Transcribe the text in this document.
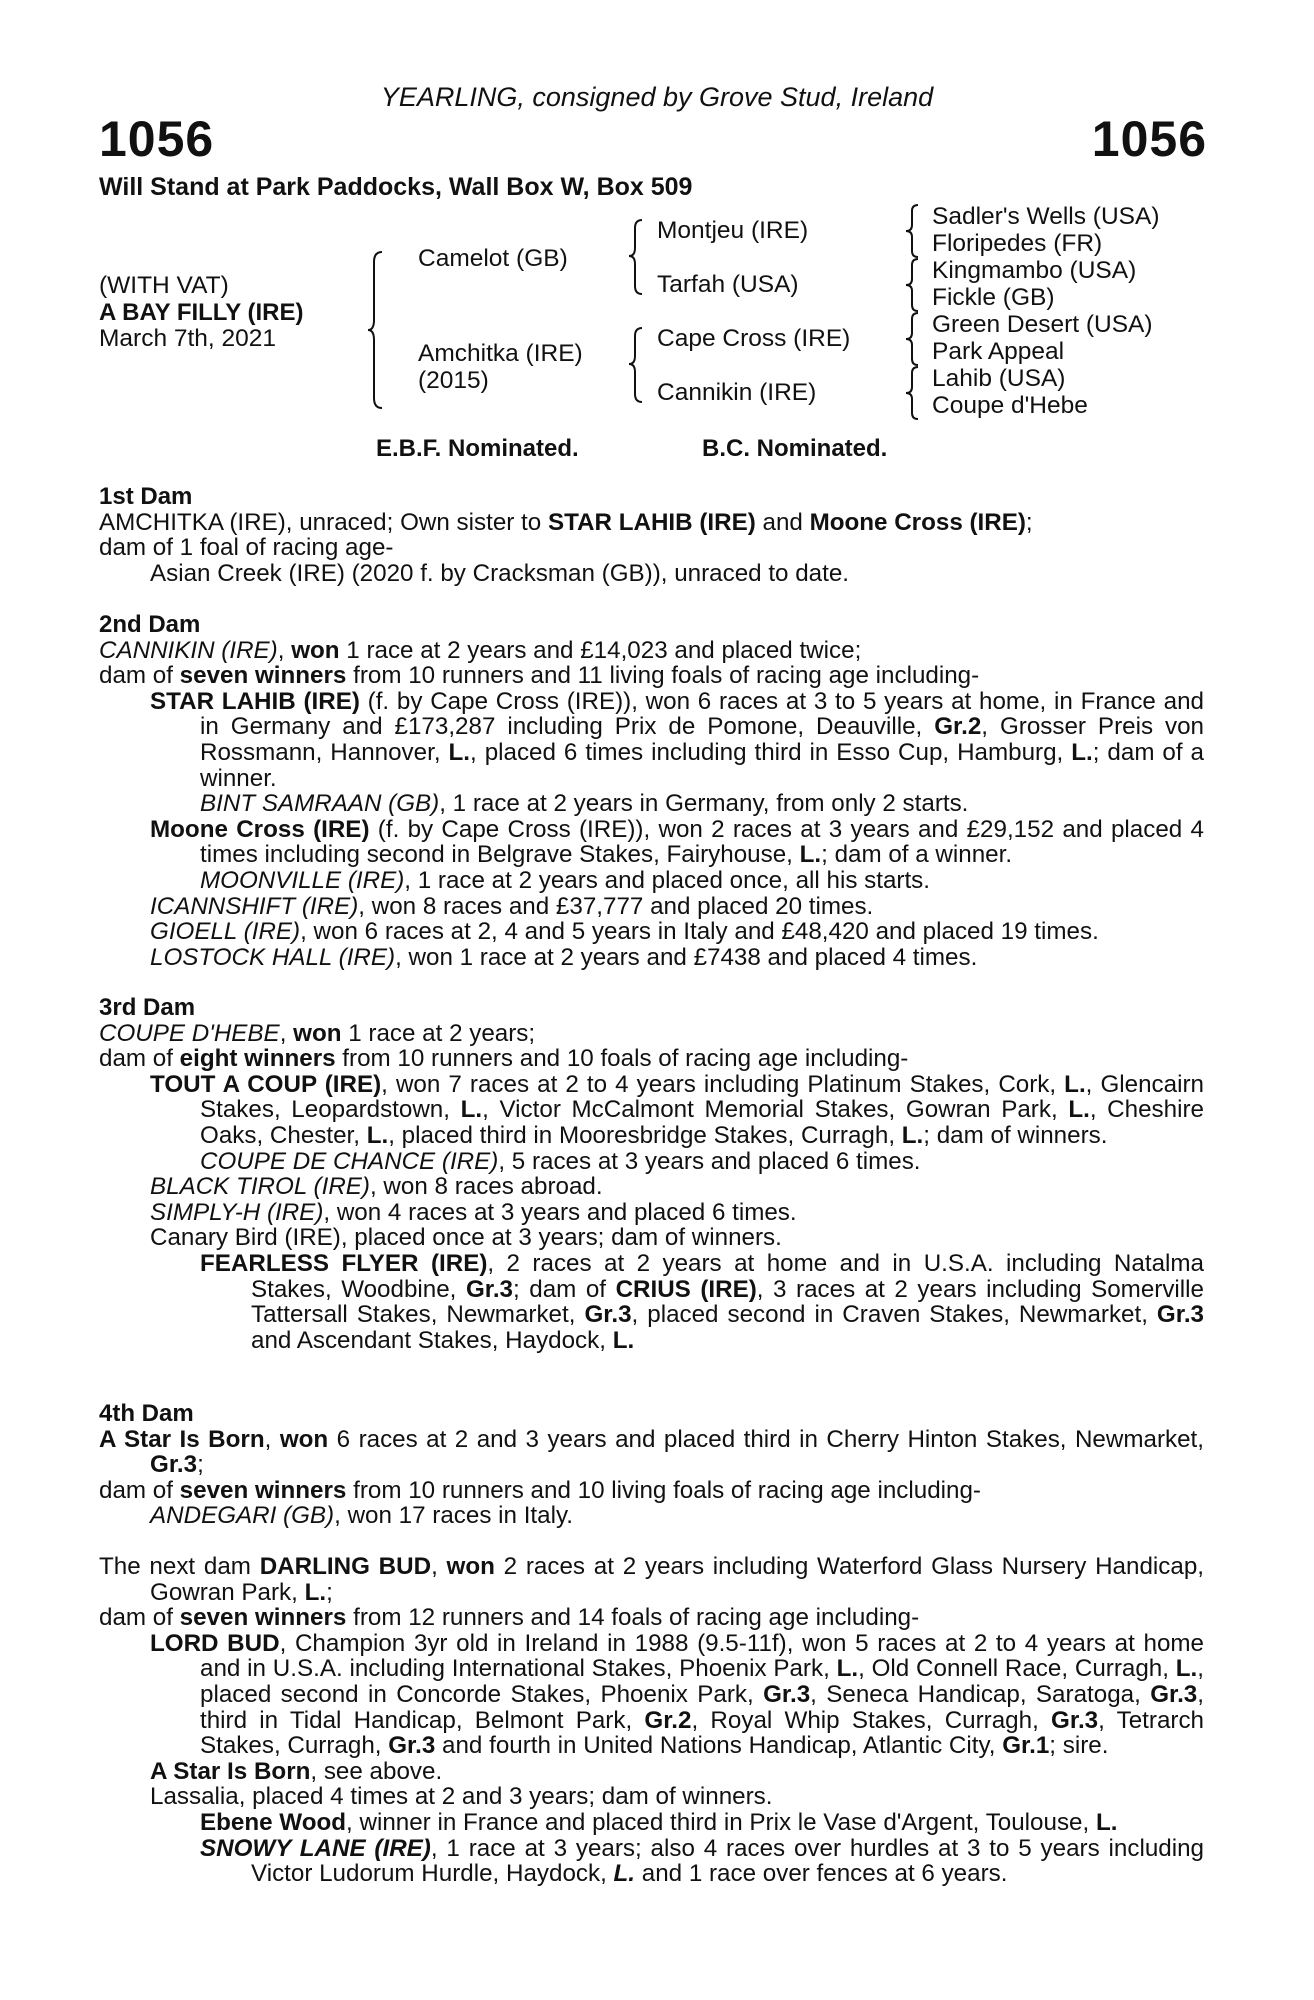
YEARLING, consigned by Grove Stud, Ireland
1056	1056
Will Stand at Park Paddocks, Wall Box W, Box 509
(WITH VAT)
A BAY FILLY (IRE)
March 7th, 2021
Camelot (GB)
Amchitka (IRE)
(2015)
Montjeu (IRE)
Tarfah (USA)
Cape Cross (IRE)
Cannikin (IRE)
Sadler's Wells (USA)
Floripedes (FR)
Kingmambo (USA)
Fickle (GB)
Green Desert (USA)
Park Appeal
Lahib (USA)
Coupe d'Hebe
E.B.F. Nominated.	B.C. Nominated.

1st Dam

AMCHITKA (IRE), unraced; Own sister to STAR LAHIB (IRE) and Moone Cross (IRE);

dam of 1 foal of racing age-

Asian Creek (IRE) (2020 f. by Cracksman (GB)), unraced to date.

2nd Dam

CANNIKIN (IRE), won 1 race at 2 years and £14,023 and placed twice;

dam of seven winners from 10 runners and 11 living foals of racing age including-

STAR LAHIB (IRE) (f. by Cape Cross (IRE)), won 6 races at 3 to 5 years at home, in France and in Germany and £173,287 including Prix de Pomone, Deauville, Gr.2, Grosser Preis von Rossmann, Hannover, L., placed 6 times including third in Esso Cup, Hamburg, L.; dam of a winner.

BINT SAMRAAN (GB), 1 race at 2 years in Germany, from only 2 starts.

Moone Cross (IRE) (f. by Cape Cross (IRE)), won 2 races at 3 years and £29,152 and placed 4 times including second in Belgrave Stakes, Fairyhouse, L.; dam of a winner.

MOONVILLE (IRE), 1 race at 2 years and placed once, all his starts.

ICANNSHIFT (IRE), won 8 races and £37,777 and placed 20 times.

GIOELL (IRE), won 6 races at 2, 4 and 5 years in Italy and £48,420 and placed 19 times.

LOSTOCK HALL (IRE), won 1 race at 2 years and £7438 and placed 4 times.

3rd Dam

COUPE D'HEBE, won 1 race at 2 years;

dam of eight winners from 10 runners and 10 foals of racing age including-

TOUT A COUP (IRE), won 7 races at 2 to 4 years including Platinum Stakes, Cork, L., Glencairn Stakes, Leopardstown, L., Victor McCalmont Memorial Stakes, Gowran Park, L., Cheshire Oaks, Chester, L., placed third in Mooresbridge Stakes, Curragh, L.; dam of winners.

COUPE DE CHANCE (IRE), 5 races at 3 years and placed 6 times.

BLACK TIROL (IRE), won 8 races abroad.

SIMPLY-H (IRE), won 4 races at 3 years and placed 6 times.

Canary Bird (IRE), placed once at 3 years; dam of winners.

FEARLESS FLYER (IRE), 2 races at 2 years at home and in U.S.A. including Natalma Stakes, Woodbine, Gr.3; dam of CRIUS (IRE), 3 races at 2 years including Somerville Tattersall Stakes, Newmarket, Gr.3, placed second in Craven Stakes, Newmarket, Gr.3 and Ascendant Stakes, Haydock, L.

4th Dam

A Star Is Born, won 6 races at 2 and 3 years and placed third in Cherry Hinton Stakes, Newmarket, Gr.3;

dam of seven winners from 10 runners and 10 living foals of racing age including-

ANDEGARI (GB), won 17 races in Italy.

The next dam DARLING BUD, won 2 races at 2 years including Waterford Glass Nursery Handicap, Gowran Park, L.;

dam of seven winners from 12 runners and 14 foals of racing age including-

LORD BUD, Champion 3yr old in Ireland in 1988 (9.5-11f), won 5 races at 2 to 4 years at home and in U.S.A. including International Stakes, Phoenix Park, L., Old Connell Race, Curragh, L., placed second in Concorde Stakes, Phoenix Park, Gr.3, Seneca Handicap, Saratoga, Gr.3, third in Tidal Handicap, Belmont Park, Gr.2, Royal Whip Stakes, Curragh, Gr.3, Tetrarch Stakes, Curragh, Gr.3 and fourth in United Nations Handicap, Atlantic City, Gr.1; sire.

A Star Is Born, see above.

Lassalia, placed 4 times at 2 and 3 years; dam of winners.

Ebene Wood, winner in France and placed third in Prix le Vase d'Argent, Toulouse, L.

SNOWY LANE (IRE), 1 race at 3 years; also 4 races over hurdles at 3 to 5 years including Victor Ludorum Hurdle, Haydock, L. and 1 race over fences at 6 years.
